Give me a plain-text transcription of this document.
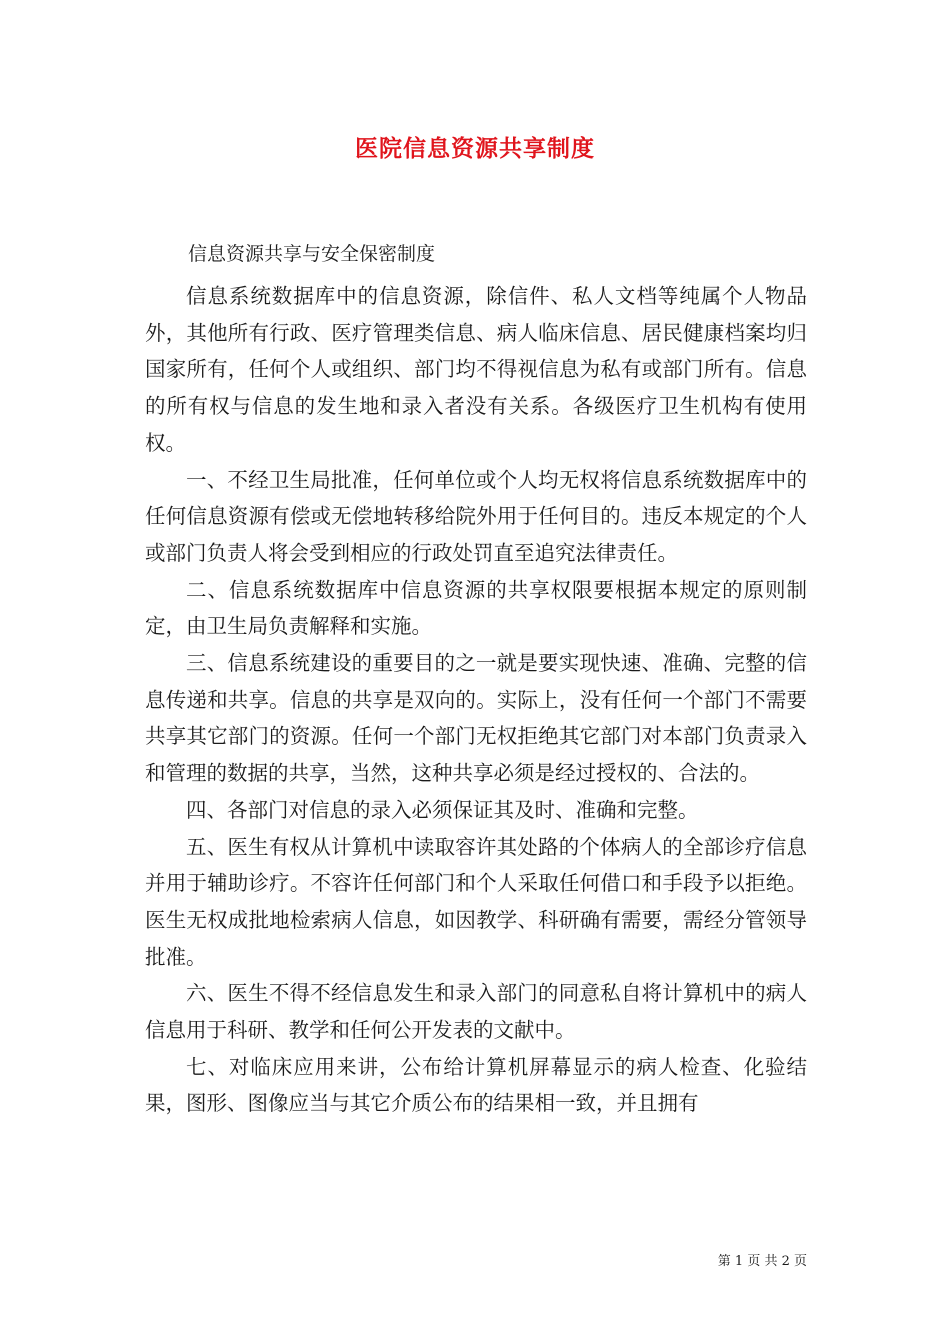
医院信息资源共享制度
信息资源共享与安全保密制度

信息系统数据库中的信息资源，除信件、私人文档等纯属个人物品外，其他所有行政、医疗管理类信息、病人临床信息、居民健康档案均归国家所有，任何个人或组织、部门均不得视信息为私有或部门所有。信息的所有权与信息的发生地和录入者没有关系。各级医疗卫生机构有使用权。

一、不经卫生局批准，任何单位或个人均无权将信息系统数据库中的任何信息资源有偿或无偿地转移给院外用于任何目的。违反本规定的个人或部门负责人将会受到相应的行政处罚直至追究法律责任。

二、信息系统数据库中信息资源的共享权限要根据本规定的原则制定，由卫生局负责解释和实施。

三、信息系统建设的重要目的之一就是要实现快速、准确、完整的信息传递和共享。信息的共享是双向的。实际上，没有任何一个部门不需要共享其它部门的资源。任何一个部门无权拒绝其它部门对本部门负责录入和管理的数据的共享，当然，这种共享必须是经过授权的、合法的。

四、各部门对信息的录入必须保证其及时、准确和完整。

五、医生有权从计算机中读取容许其处路的个体病人的全部诊疗信息并用于辅助诊疗。不容许任何部门和个人采取任何借口和手段予以拒绝。医生无权成批地检索病人信息，如因教学、科研确有需要，需经分管领导批准。

六、医生不得不经信息发生和录入部门的同意私自将计算机中的病人信息用于科研、教学和任何公开发表的文献中。

七、对临床应用来讲，公布给计算机屏幕显示的病人检查、化验结果，图形、图像应当与其它介质公布的结果相一致，并且拥有

第 1 页 共 2 页
